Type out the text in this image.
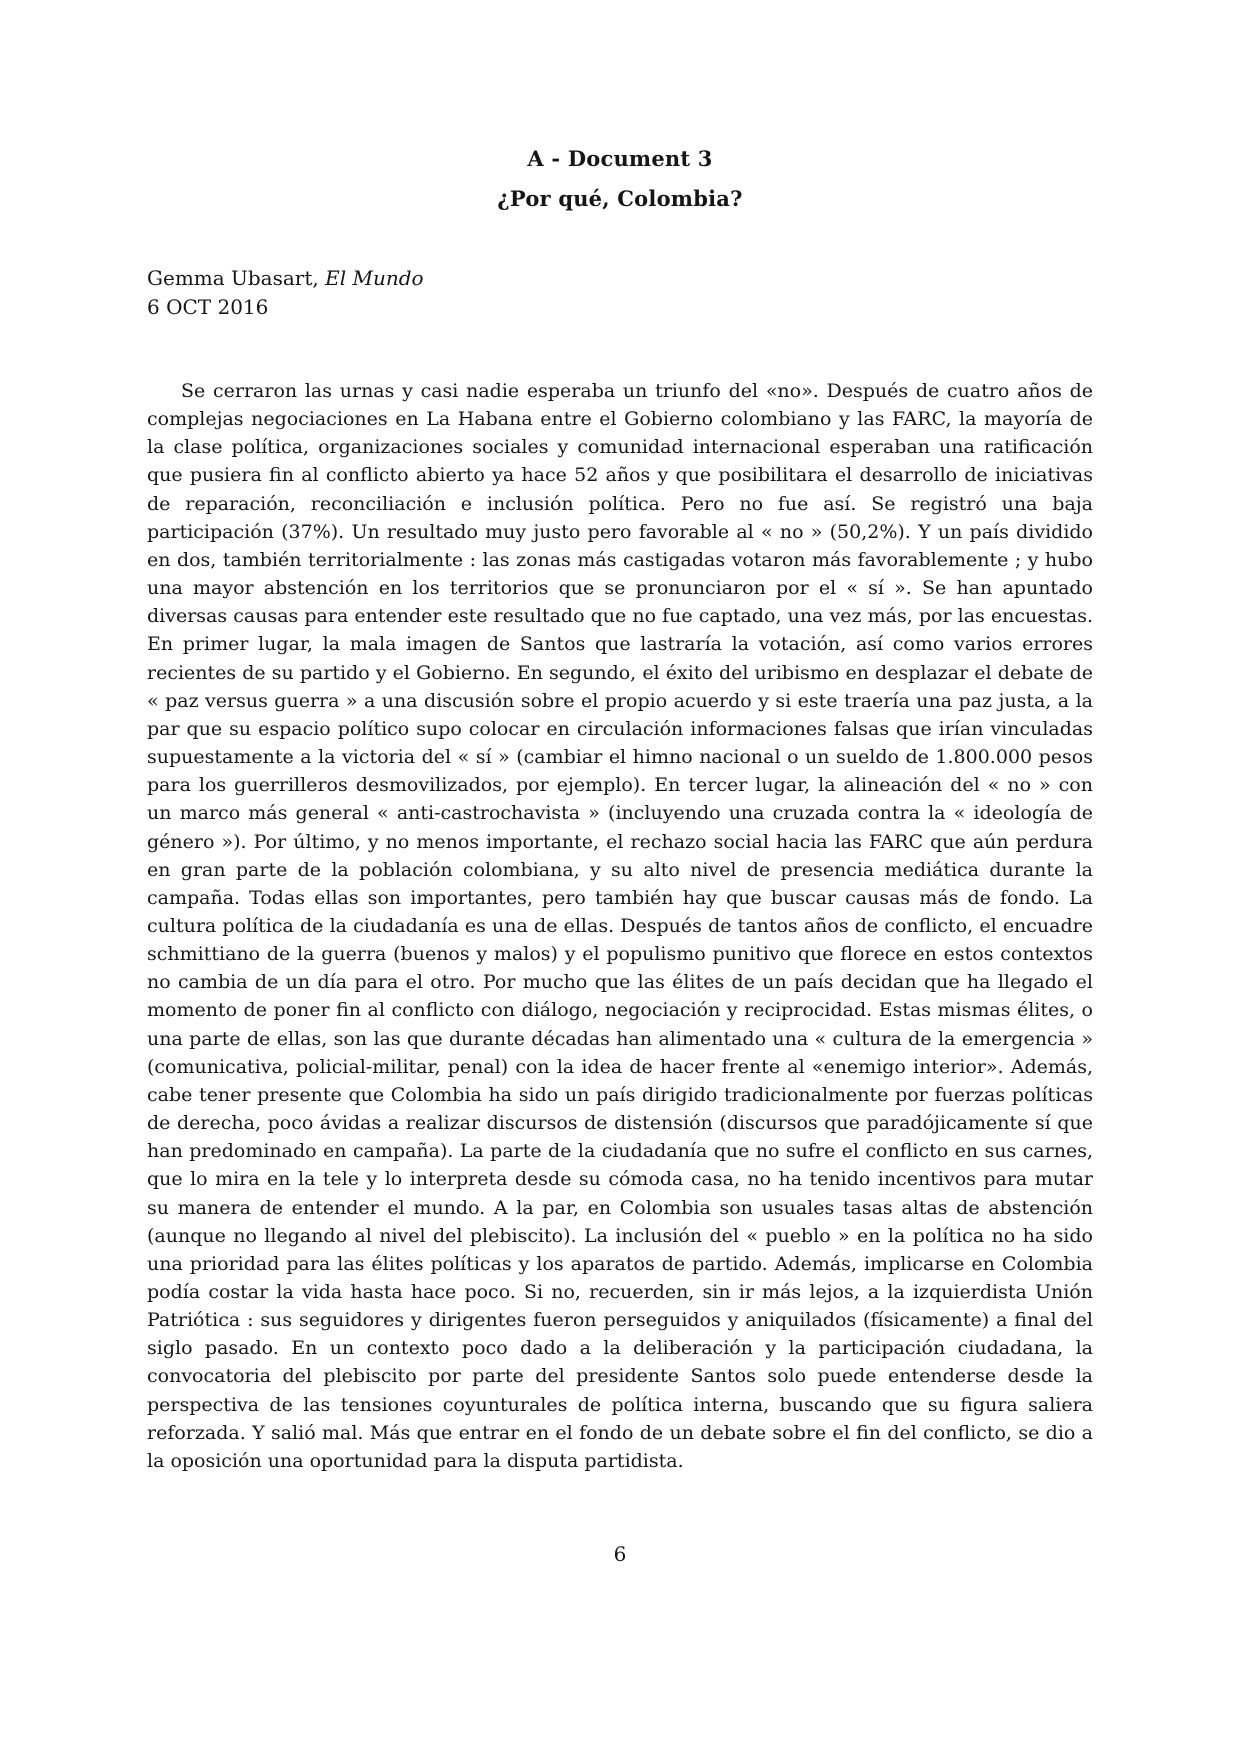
A - Document 3
¿Por qué, Colombia?
Gemma Ubasart, El Mundo
6 OCT 2016

Se cerraron las urnas y casi nadie esperaba un triunfo del «no». Después de cuatro años de complejas negociaciones en La Habana entre el Gobierno colombiano y las FARC, la mayoría de la clase política, organizaciones sociales y comunidad internacional esperaban una ratificación que pusiera fin al conflicto abierto ya hace 52 años y que posibilitara el desarrollo de iniciativas de reparación, reconciliación e inclusión política. Pero no fue así. Se registró una baja participación (37%). Un resultado muy justo pero favorable al « no » (50,2%). Y un país dividido en dos, también territorialmente : las zonas más castigadas votaron más favorablemente ; y hubo una mayor abstención en los territorios que se pronunciaron por el « sí ». Se han apuntado diversas causas para entender este resultado que no fue captado, una vez más, por las encuestas. En primer lugar, la mala imagen de Santos que lastraría la votación, así como varios errores recientes de su partido y el Gobierno. En segundo, el éxito del uribismo en desplazar el debate de « paz versus guerra » a una discusión sobre el propio acuerdo y si este traería una paz justa, a la par que su espacio político supo colocar en circulación informaciones falsas que irían vinculadas supuestamente a la victoria del « sí » (cambiar el himno nacional o un sueldo de 1.800.000 pesos para los guerrilleros desmovilizados, por ejemplo). En tercer lugar, la alineación del « no » con un marco más general « anti-castrochavista » (incluyendo una cruzada contra la « ideología de género »). Por último, y no menos importante, el rechazo social hacia las FARC que aún perdura en gran parte de la población colombiana, y su alto nivel de presencia mediática durante la campaña. Todas ellas son importantes, pero también hay que buscar causas más de fondo. La cultura política de la ciudadanía es una de ellas. Después de tantos años de conflicto, el encuadre schmittiano de la guerra (buenos y malos) y el populismo punitivo que florece en estos contextos no cambia de un día para el otro. Por mucho que las élites de un país decidan que ha llegado el momento de poner fin al conflicto con diálogo, negociación y reciprocidad. Estas mismas élites, o una parte de ellas, son las que durante décadas han alimentado una « cultura de la emergencia » (comunicativa, policial-militar, penal) con la idea de hacer frente al «enemigo interior». Además, cabe tener presente que Colombia ha sido un país dirigido tradicionalmente por fuerzas políticas de derecha, poco ávidas a realizar discursos de distensión (discursos que paradójicamente sí que han predominado en campaña). La parte de la ciudadanía que no sufre el conflicto en sus carnes, que lo mira en la tele y lo interpreta desde su cómoda casa, no ha tenido incentivos para mutar su manera de entender el mundo. A la par, en Colombia son usuales tasas altas de abstención (aunque no llegando al nivel del plebiscito). La inclusión del « pueblo » en la política no ha sido una prioridad para las élites políticas y los aparatos de partido. Además, implicarse en Colombia podía costar la vida hasta hace poco. Si no, recuerden, sin ir más lejos, a la izquierdista Unión Patriótica : sus seguidores y dirigentes fueron perseguidos y aniquilados (físicamente) a final del siglo pasado. En un contexto poco dado a la deliberación y la participación ciudadana, la convocatoria del plebiscito por parte del presidente Santos solo puede entenderse desde la perspectiva de las tensiones coyunturales de política interna, buscando que su figura saliera reforzada. Y salió mal. Más que entrar en el fondo de un debate sobre el fin del conflicto, se dio a la oposición una oportunidad para la disputa partidista.

6
